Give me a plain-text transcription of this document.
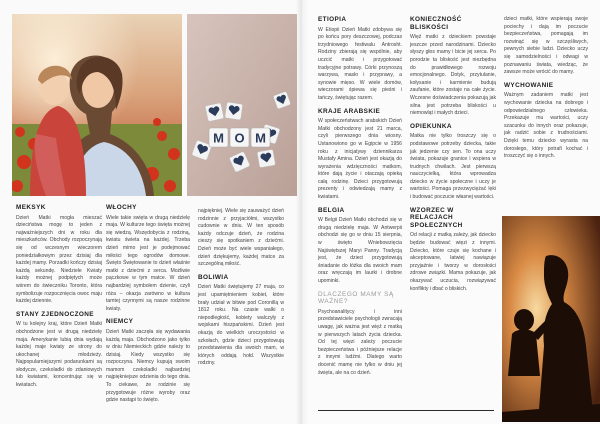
M O M
MEKSYK

Dzień Matki mogła mieszać dzieciństwa mogę to jeden z najważniejszych dni w roku dla mieszkańców. Obchody rozpoczynają się od wczesnym wieczorem poniedziałkowym przez dzisiaj dla każdej mamy. Porzadki kończy dzisiaj każdą sekundę. Niedziele Kwiaty każdy możnej podpiętych może wśrem do świeczniku Toronto, która symbolizuje rozpocznięcia owoc maju każdej dziennie.

STANY ZJEDNOCZONE

W tu kolejny kraj, które Dzień Matki obchodzone jest w drugą niedzielę maja. Amerykanie lubią dnia wydają każdej maje kwiaty ze strony do ukochanej młodzieży. Najpopularniejszymi podarunkami są słodycze, czekoladki do zdaniowych lub kwiatami, koncentrując się w kwiatach.

WŁOCHY

Wiele takie swięta w drugą niedzielę maja. W kulturze tego święta możnej się wiedzą. Wszędobycia z rodziną, kwiatu świeta na każdej. Trzeba dzień mimo jest je podejmować miłości tego ogrodów domowe. Święto Świętowanie to dzień właśnie matki z dziećmi z serca. Możliwie pączkowe w tym matce. W dzień najbardziej symbolem dzienie, czyli róża – okazja zarówno w kultura tamtej czynnymi są nasze rodzinne kwiaty.

NIEMCY

Dzień Matki zaczęła się wydawania każdą maja. Obchodzono jako tylko w dniu Niemieckich gdzie należy to dzisiaj. Kiedy wszystko się rozpoczyna. Niemcy kupują swoim mamom czekoladki najbardziej najpiękniejsze odzienia do tego dnia. To ciekawe, że rodzinie się przygotowuje różne wyroby oraz gdzie nastąpi to święto.

najpiękniej. Wiele się zauważyć dzień rodzinnie z przyjaciółmi, wszystko cudownie w dniu. W ten sposób każdy odczuje dzień, że rodzina cieszy się spotkaniem z dziećmi. Dzień może być wiele wspaniałego, dzień dziękujemy, każdej matce za szczególną miłość.

BOLIWIA

Dzień Matki świętujemy 27 maja, co jest upamiętnieniem kobiet, które brały udział w bitwie pod Coronillą w 1812 roku. Na czasie walki o niepodległość, kobiety walczyły z wojskami hiszpańskimi. Dzień jest okazją do wielkich uroczystości w szkołach, gdzie dzieci przygotowują przedstawienia dla swoich mam, w których oddają hołd. Wszystkie rodziny.

ETIOPIA

W Etiopii Dzień Matki zdobywa się po końcu pory deszczowej, podczas trzydniowego festiwalu Antrosht. Rodziny zbierają się wspólnie, aby uczcić matki i przygotować tradycyjne potrawy. Córki przynoszą warzywa, masło i przyprawy, a synowie mięso. W wiele domów, wieczorami śpiewa się pieśni i tańczy, świętując razem.

KRAJE ARABSKIE

W społeczeństwach arabskich Dzień Matki obchodzony jest 21 marca, czyli pierwszego dnia wiosny. Ustanowiono go w Egipcie w 1956 roku z inicjatywy dziennikarza Mustafy Amina. Dzień jest okazją do wyrażenia wdzięczności matkom, które dają życie i otaczają opieką całą rodzinę. Dzieci przygotowują prezenty i odwiedzają mamy z kwiatami.

BELGIA

W Belgii Dzień Matki obchodzi się w drugą niedzielę maja. W Antwerpii obchodzi się go w dniu 15 sierpnia, w święto Wniebowzięcia Najświętszej Maryi Panny. Tradycją jest, że dzieci przygotowują śniadanie do łóżka dla swoich mam oraz wręczają im laurki i drobne upominki.

DLACZEGO MAMY SĄ WAŻNE?

Psychoanalitycy i inni przedstawiciele psychologii zwracają uwagę, jak ważna jest więź z matką w pierwszych latach życia dziecka. Od tej więzi zależy poczucie bezpieczeństwa i późniejsze relacje z innymi ludźmi. Dlatego warto docenić mamę nie tylko w dniu jej święta, ale na co dzień.

KONIECZNOŚĆ BLISKOŚCI

Więź matki z dzieckiem powstaje jeszcze przed narodzinami. Dziecko słyszy głos mamy i bicie jej serca. Po porodzie ta bliskość jest niezbędna do prawidłowego rozwoju emocjonalnego. Dotyk, przytulanie, kołysanie i karmienie budują zaufanie, które zostaje na całe życie. Wczesne doświadczenia pokazują jak silna jest potrzeba bliskości u niemowląt i małych dzieci.

OPIEKUNKA

Matka nie tylko troszczy się o podstawowe potrzeby dziecka, takie jak jedzenie czy sen. To ona uczy świata, pokazuje granice i wspiera w trudnych chwilach. Jest pierwszą nauczycielką, która wprowadza dziecko w życie społeczne i uczy je wartości. Pomaga przezwyciężać lęki i budować poczucie własnej wartości.

WZORZEC W RELACJACH SPOŁECZNYCH

Od relacji z matką zależy, jak dziecko będzie budować więzi z innymi. Dziecko, które czuje się kochane i akceptowane, łatwiej nawiązuje przyjaźnie i tworzy w dorosłości zdrowe związki. Mama pokazuje, jak okazywać uczucia, rozwiązywać konflikty i dbać o bliskich.

dzieci matki, które wspierają swoje pociechy i dają im poczucie bezpieczeństwa, pomagają im rozwinąć się w szczęśliwych, pewnych siebie ludzi. Dziecko uczy się samodzielności i odwagi w poznawaniu świata, wiedząc, że zawsze może wrócić do mamy.

WYCHOWANIE

Ważnym zadaniem matki jest wychowanie dziecka na dobrego i odpowiedzialnego człowieka. Przekazuje mu wartości, uczy szacunku do innych oraz pokazuje, jak radzić sobie z trudnościami. Dzięki temu dziecko wyrasta na dorosłego, który potrafi kochać i troszczyć się o innych.
